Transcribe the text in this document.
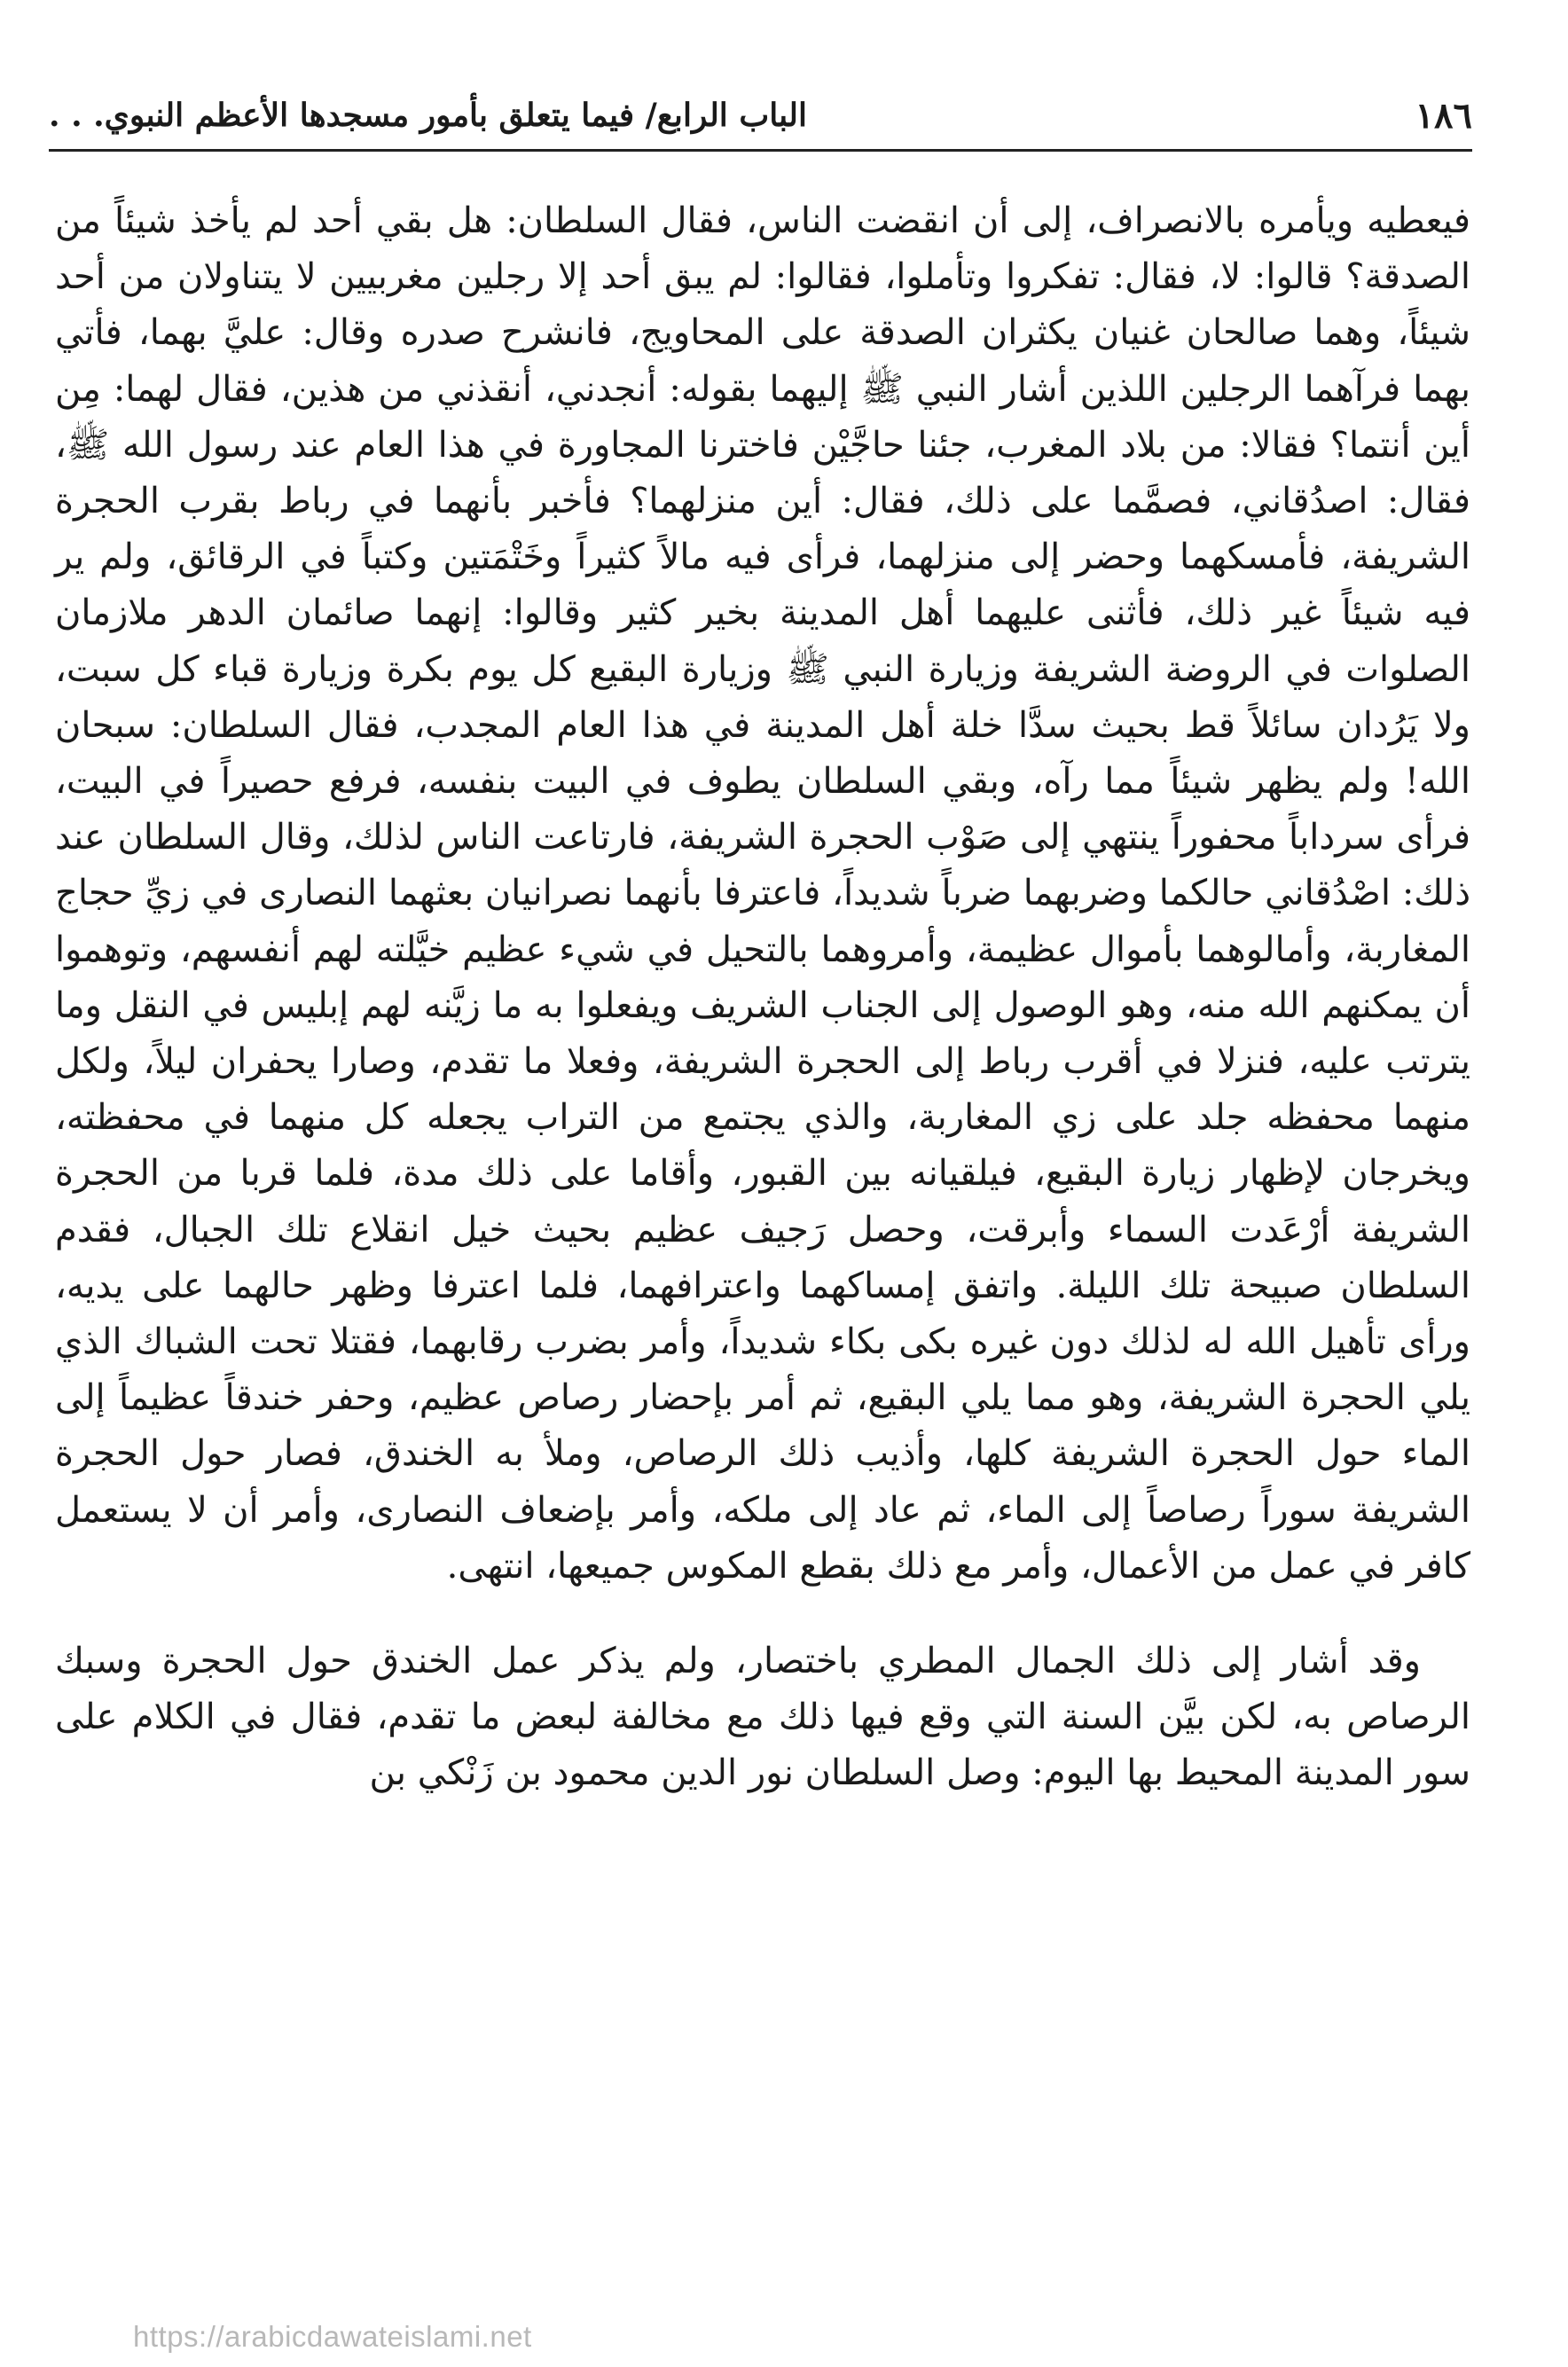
١٨٦
الباب الرابع/ فيما يتعلق بأمور مسجدها الأعظم النبوي. . .

فيعطيه ويأمره بالانصراف، إلى أن انقضت الناس، فقال السلطان: هل بقي أحد لم يأخذ شيئاً من الصدقة؟ قالوا: لا، فقال: تفكروا وتأملوا، فقالوا: لم يبق أحد إلا رجلين مغربيين لا يتناولان من أحد شيئاً، وهما صالحان غنيان يكثران الصدقة على المحاويج، فانشرح صدره وقال: عليَّ بهما، فأتي بهما فرآهما الرجلين اللذين أشار النبي ﷺ إليهما بقوله: أنجدني، أنقذني من هذين، فقال لهما: مِن أين أنتما؟ فقالا: من بلاد المغرب، جئنا حاجَّيْن فاخترنا المجاورة في هذا العام عند رسول الله ﷺ، فقال: اصدُقاني، فصمَّما على ذلك، فقال: أين منزلهما؟ فأخبر بأنهما في رباط بقرب الحجرة الشريفة، فأمسكهما وحضر إلى منزلهما، فرأى فيه مالاً كثيراً وخَتْمَتين وكتباً في الرقائق، ولم ير فيه شيئاً غير ذلك، فأثنى عليهما أهل المدينة بخير كثير وقالوا: إنهما صائمان الدهر ملازمان الصلوات في الروضة الشريفة وزيارة النبي ﷺ وزيارة البقيع كل يوم بكرة وزيارة قباء كل سبت، ولا يَرُدان سائلاً قط بحيث سدَّا خلة أهل المدينة في هذا العام المجدب، فقال السلطان: سبحان الله! ولم يظهر شيئاً مما رآه، وبقي السلطان يطوف في البيت بنفسه، فرفع حصيراً في البيت، فرأى سرداباً محفوراً ينتهي إلى صَوْب الحجرة الشريفة، فارتاعت الناس لذلك، وقال السلطان عند ذلك: اصْدُقاني حالكما وضربهما ضرباً شديداً، فاعترفا بأنهما نصرانيان بعثهما النصارى في زيِّ حجاج المغاربة، وأمالوهما بأموال عظيمة، وأمروهما بالتحيل في شيء عظيم خيَّلته لهم أنفسهم، وتوهموا أن يمكنهم الله منه، وهو الوصول إلى الجناب الشريف ويفعلوا به ما زيَّنه لهم إبليس في النقل وما يترتب عليه، فنزلا في أقرب رباط إلى الحجرة الشريفة، وفعلا ما تقدم، وصارا يحفران ليلاً، ولكل منهما محفظه جلد على زي المغاربة، والذي يجتمع من التراب يجعله كل منهما في محفظته، ويخرجان لإظهار زيارة البقيع، فيلقيانه بين القبور، وأقاما على ذلك مدة، فلما قربا من الحجرة الشريفة أرْعَدت السماء وأبرقت، وحصل رَجيف عظيم بحيث خيل انقلاع تلك الجبال، فقدم السلطان صبيحة تلك الليلة. واتفق إمساكهما واعترافهما، فلما اعترفا وظهر حالهما على يديه، ورأى تأهيل الله له لذلك دون غيره بكى بكاء شديداً، وأمر بضرب رقابهما، فقتلا تحت الشباك الذي يلي الحجرة الشريفة، وهو مما يلي البقيع، ثم أمر بإحضار رصاص عظيم، وحفر خندقاً عظيماً إلى الماء حول الحجرة الشريفة كلها، وأذيب ذلك الرصاص، وملأ به الخندق، فصار حول الحجرة الشريفة سوراً رصاصاً إلى الماء، ثم عاد إلى ملكه، وأمر بإضعاف النصارى، وأمر أن لا يستعمل كافر في عمل من الأعمال، وأمر مع ذلك بقطع المكوس جميعها، انتهى.

وقد أشار إلى ذلك الجمال المطري باختصار، ولم يذكر عمل الخندق حول الحجرة وسبك الرصاص به، لكن بيَّن السنة التي وقع فيها ذلك مع مخالفة لبعض ما تقدم، فقال في الكلام على سور المدينة المحيط بها اليوم: وصل السلطان نور الدين محمود بن زَنْكي بن

https://arabicdawateislami.net
